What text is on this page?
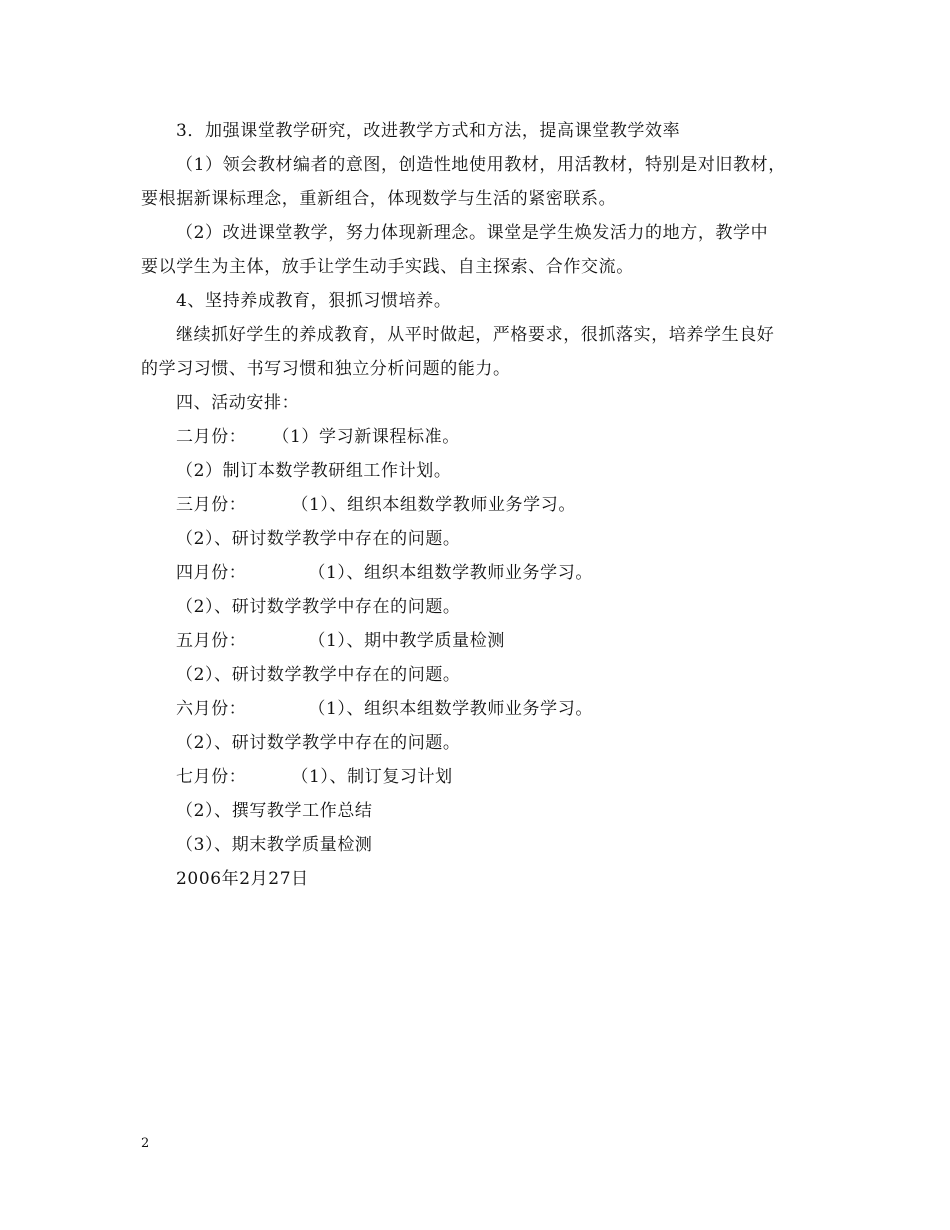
3．加强课堂教学研究，改进教学方式和方法，提高课堂教学效率
（1）领会教材编者的意图，创造性地使用教材，用活教材，特别是对旧教材，
要根据新课标理念，重新组合，体现数学与生活的紧密联系。
（2）改进课堂教学，努力体现新理念。课堂是学生焕发活力的地方，教学中
要以学生为主体，放手让学生动手实践、自主探索、合作交流。
4、坚持养成教育，狠抓习惯培养。
继续抓好学生的养成教育，从平时做起，严格要求，很抓落实，培养学生良好
的学习习惯、书写习惯和独立分析问题的能力。
四、活动安排：
二月份： （1）学习新课程标准。
（2）制订本数学教研组工作计划。
三月份：	（1）、组织本组数学教师业务学习。
（2）、研讨数学教学中存在的问题。
四月份：	（1）、组织本组数学教师业务学习。
（2）、研讨数学教学中存在的问题。
五月份：	（1）、期中教学质量检测
（2）、研讨数学教学中存在的问题。
六月份：	（1）、组织本组数学教师业务学习。
（2）、研讨数学教学中存在的问题。
七月份：	（1）、制订复习计划
（2）、撰写教学工作总结
（3）、期末教学质量检测
2006年2月27日
2
